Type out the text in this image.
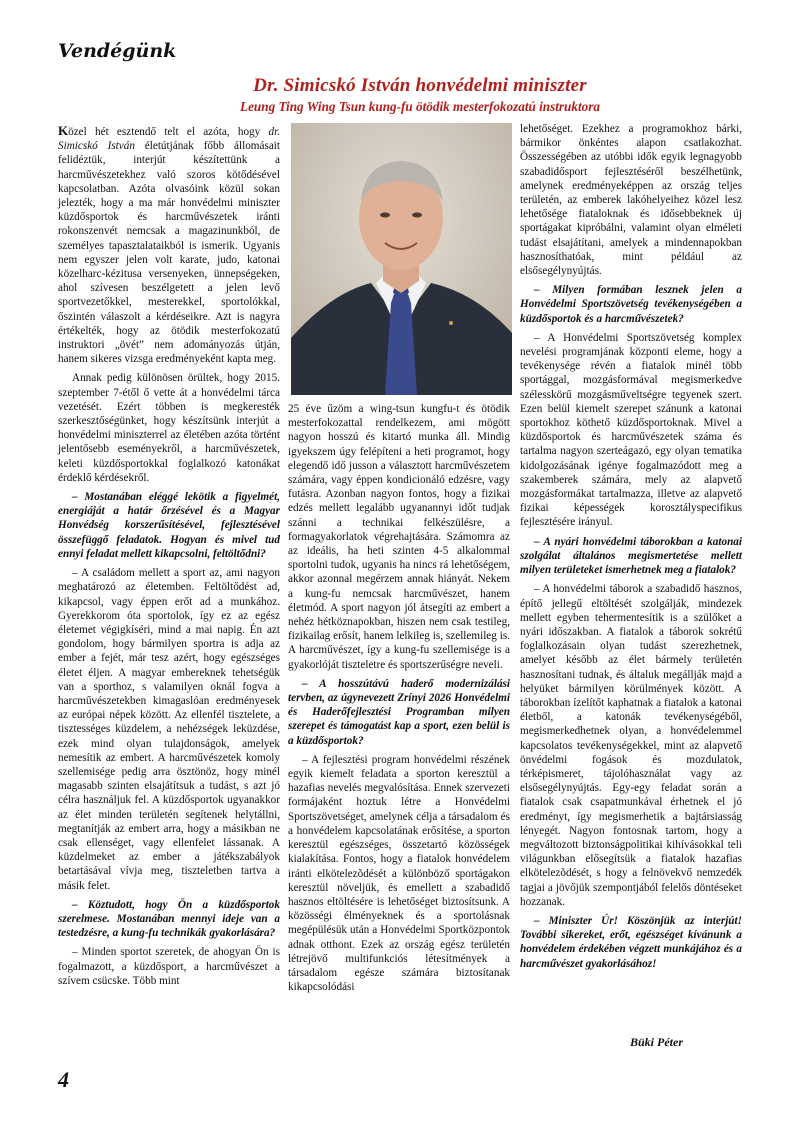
Vendégünk
Dr. Simicskó István honvédelmi miniszter
Leung Ting Wing Tsun kung-fu ötödik mesterfokozatú instruktora

Közel hét esztendő telt el azóta, hogy dr. Simicskó István életútjának főbb állomásait felidéztük, interjút készítettünk a harcművészetekhez való szoros kötődésével kapcsolatban. Azóta olvasóink közül sokan jelezték, hogy a ma már honvédelmi miniszter küzdősportok és harcművészetek iránti rokonszenvét nemcsak a magazinunkból, de személyes tapasztalataikból is ismerik. Ugyanis nem egyszer jelen volt karate, judo, katonai közelharc-kézitusa versenyeken, ünnepségeken, ahol szívesen beszélgetett a jelen levő sportvezetőkkel, mesterekkel, sportolókkal, őszintén válaszolt a kérdéseikre. Azt is nagyra értékelték, hogy az ötödik mesterfokozatú instruktori „övét” nem adományozás útján, hanem sikeres vizsga eredményeként kapta meg.

Annak pedig különösen örültek, hogy 2015. szeptember 7-étől ő vette át a honvédelmi tárca vezetését. Ezért többen is megkeresték szerkesztőségünket, hogy készítsünk interjút a honvédelmi miniszterrel az életében azóta történt jelentősebb eseményekről, a harcművészetek, keleti küzdősportokkal foglalkozó katonákat érdeklő kérdésekről.

– Mostanában eléggé lekötik a figyelmét, energiáját a határ őrzésével és a Magyar Honvédség korszerűsítésével, fejlesztésével összefüggő feladatok. Hogyan és mivel tud ennyi feladat mellett kikapcsolni, feltöltődni?

– A családom mellett a sport az, ami nagyon meghatározó az életemben. Feltöltődést ad, kikapcsol, vagy éppen erőt ad a munkához. Gyerekkorom óta sportolok, így ez az egész életemet végigkíséri, mind a mai napig. Én azt gondolom, hogy bármilyen sportra is adja az ember a fejét, már tesz azért, hogy egészséges életet éljen. A magyar embereknek tehetségük van a sporthoz, s valamilyen oknál fogva a harcművészetekben kimagaslóan eredményesek az európai népek között. Az ellenfél tisztelete, a tisztességes küzdelem, a nehézségek leküzdése, ezek mind olyan tulajdonságok, amelyek nemesítik az embert. A harcművészetek komoly szellemisége pedig arra ösztönöz, hogy minél magasabb szinten elsajátítsuk a tudást, s azt jó célra használjuk fel. A küzdősportok ugyanakkor az élet minden területén segítenek helytállni, megtanítják az embert arra, hogy a másikban ne csak ellenséget, vagy ellenfelet lássanak. A küzdelmeket az ember a játékszabályok betartásával vívja meg, tiszteletben tartva a másik felet.

– Köztudott, hogy Ön a küzdősportok szerelmese. Mostanában mennyi ideje van a testedzésre, a kung-fu technikák gyakorlására?

– Minden sportot szeretek, de ahogyan Ön is fogalmazott, a küzdősport, a harcművészet a szívem csücske. Több mint

25 éve űzöm a wing-tsun kungfu-t és ötödik mesterfokozattal rendelkezem, ami mögött nagyon hosszú és kitartó munka áll. Mindig igyekszem úgy felépíteni a heti programot, hogy elegendő idő jusson a választott harcművészetem számára, vagy éppen kondicionáló edzésre, vagy futásra. Azonban nagyon fontos, hogy a fizikai edzés mellett legalább ugyanannyi időt tudjak szánni a technikai felkészülésre, a formagyakorlatok végrehajtására. Számomra az az ideális, ha heti szinten 4-5 alkalommal sportolni tudok, ugyanis ha nincs rá lehetőségem, akkor azonnal megérzem annak hiányát. Nekem a kung-fu nemcsak harcművészet, hanem életmód. A sport nagyon jól átsegíti az embert a nehéz hétköznapokban, hiszen nem csak testileg, fizikailag erősít, hanem lelkileg is, szellemileg is. A harcművészet, így a kung-fu szellemisége is a gyakorlóját tiszteletre és sportszerűségre neveli.

– A hosszútávú haderő modernizálási tervben, az úgynevezett Zrínyi 2026 Honvédelmi és Haderőfejlesztési Programban milyen szerepet és támogatást kap a sport, ezen belül is a küzdősportok?

– A fejlesztési program honvédelmi részének egyik kiemelt feladata a sporton keresztül a hazafias nevelés megvalósítása. Ennek szervezeti formájaként hoztuk létre a Honvédelmi Sportszövetséget, amelynek célja a társadalom és a honvédelem kapcsolatának erősítése, a sporton keresztül egészséges, összetartó közösségek kialakítása. Fontos, hogy a fiatalok honvédelem iránti elkötelezõdését a különböző sportágakon keresztül növeljük, és emellett a szabadidő hasznos eltöltésére is lehetőséget biztosítsunk. A közösségi élményeknek és a sportolásnak megépülésük után a Honvédelmi Sportközpontok adnak otthont. Ezek az ország egész területén létrejövő multifunkciós létesítmények a társadalom egésze számára biztosítanak kikapcsolódási

lehetőséget. Ezekhez a programokhoz bárki, bármikor önkéntes alapon csatlakozhat. Összességében az utóbbi idők egyik legnagyobb szabadidősport fejlesztéséről beszélhetünk, amelynek eredményeképpen az ország teljes területén, az emberek lakóhelyeihez közel lesz lehetősége fiataloknak és idősebbeknek új sportágakat kipróbálni, valamint olyan elméleti tudást elsajátítani, amelyek a mindennapokban hasznosíthatóak, mint például az elsősegélynyújtás.

– Milyen formában lesznek jelen a Honvédelmi Sportszövetség tevékenységében a küzdősportok és a harcművészetek?

– A Honvédelmi Sportszövetség komplex nevelési programjának központi eleme, hogy a tevékenysége révén a fiatalok minél több sportággal, mozgásformával megismerkedve szélesskörű mozgásműveltségre tegyenek szert. Ezen belül kiemelt szerepet szánunk a katonai sportokhoz köthető küzdősportoknak. Mivel a küzdősportok és harcművészetek száma és tartalma nagyon szerteágazó, egy olyan tematika kidolgozásának igénye fogalmazódott meg a szakemberek számára, mely az alapvető mozgásformákat tartalmazza, illetve az alapvető fizikai képességek korosztályspecifikus fejlesztésére irányul.

– A nyári honvédelmi táborokban a katonai szolgálat általános megismertetése mellett milyen területeket ismerhetnek meg a fiatalok?

– A honvédelmi táborok a szabadidő hasznos, építő jellegű eltöltését szolgálják, mindezek mellett egyben tehermentesítik is a szülőket a nyári időszakban. A fiatalok a táborok sokrétű foglalkozásain olyan tudást szerezhetnek, amelyet később az élet bármely területén hasznosítani tudnak, és általuk megállják majd a helyüket bármilyen körülmények között. A táborokban ízelítőt kaphatnak a fiatalok a katonai életből, a katonák tevékenységéből, megismerkedhetnek olyan, a honvédelemmel kapcsolatos tevékenységekkel, mint az alapvető önvédelmi fogások és mozdulatok, térképismeret, tájolóhasználat vagy az elsősegélynyújtás. Egy-egy feladat során a fiatalok csak csapatmunkával érhetnek el jó eredményt, így megismerhetik a bajtársiasság lényegét. Nagyon fontosnak tartom, hogy a megváltozott biztonságpolitikai kihívásokkal teli világunkban elősegítsük a fiatalok hazafias elkötelezõdését, s hogy a felnövekvő nemzedék tagjai a jövőjük szempontjából felelős döntéseket hozzanak.

– Miniszter Úr! Köszönjük az interjút! További sikereket, erőt, egészséget kívánunk a honvédelem érdekében végzett munkájához és a harcművészet gyakorlásához!

Büki Péter
4
